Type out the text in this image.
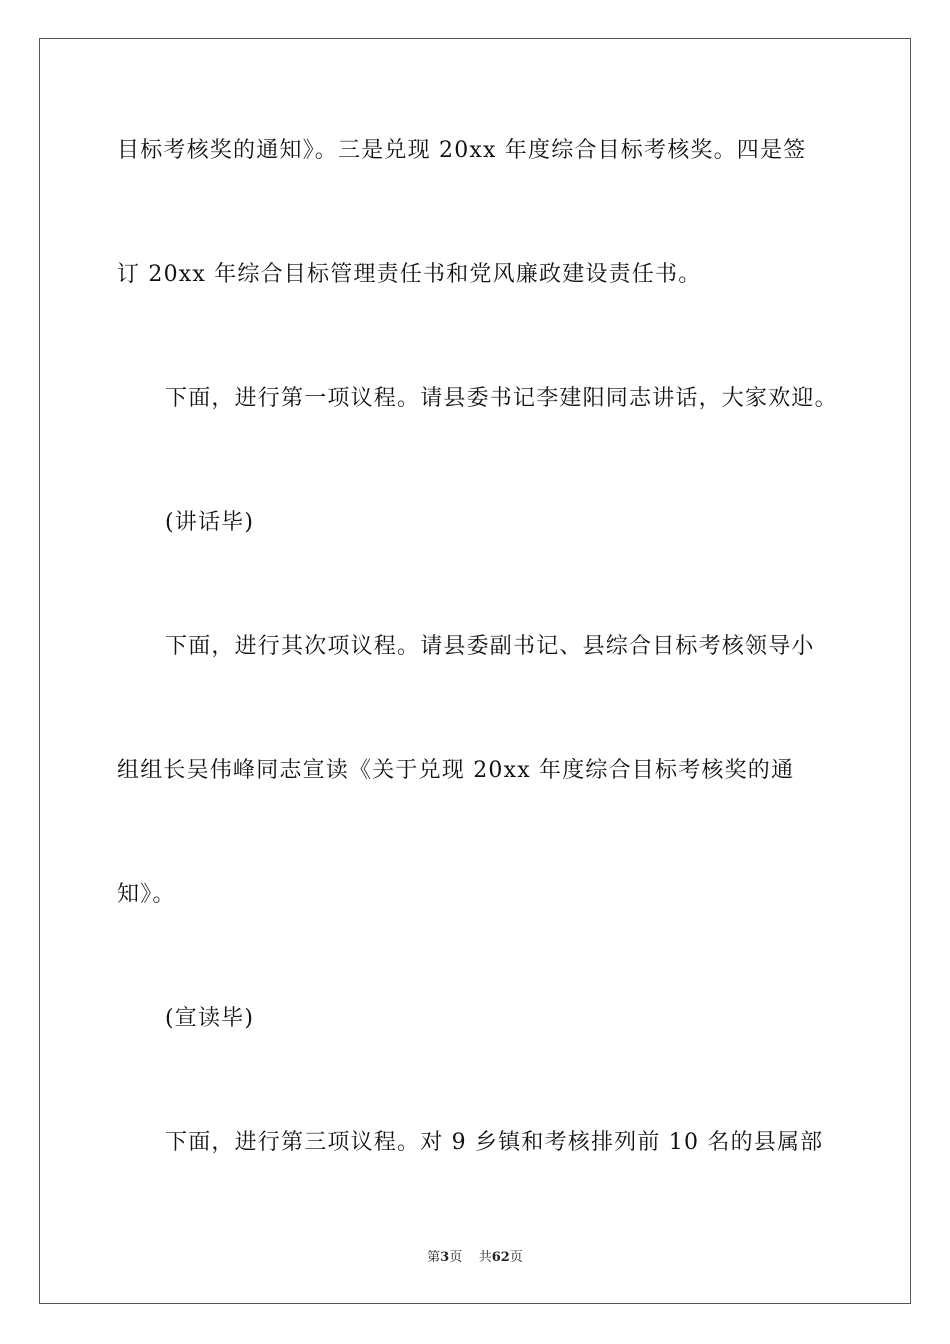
目标考核奖的通知》。三是兑现 20xx 年度综合目标考核奖。四是签
订 20xx 年综合目标管理责任书和党风廉政建设责任书。
下面，进行第一项议程。请县委书记李建阳同志讲话，大家欢迎。
(讲话毕)
下面，进行其次项议程。请县委副书记、县综合目标考核领导小
组组长吴伟峰同志宣读《关于兑现 20xx 年度综合目标考核奖的通
知》。
(宣读毕)
下面，进行第三项议程。对 9 乡镇和考核排列前 10 名的县属部
第3页 共62页
